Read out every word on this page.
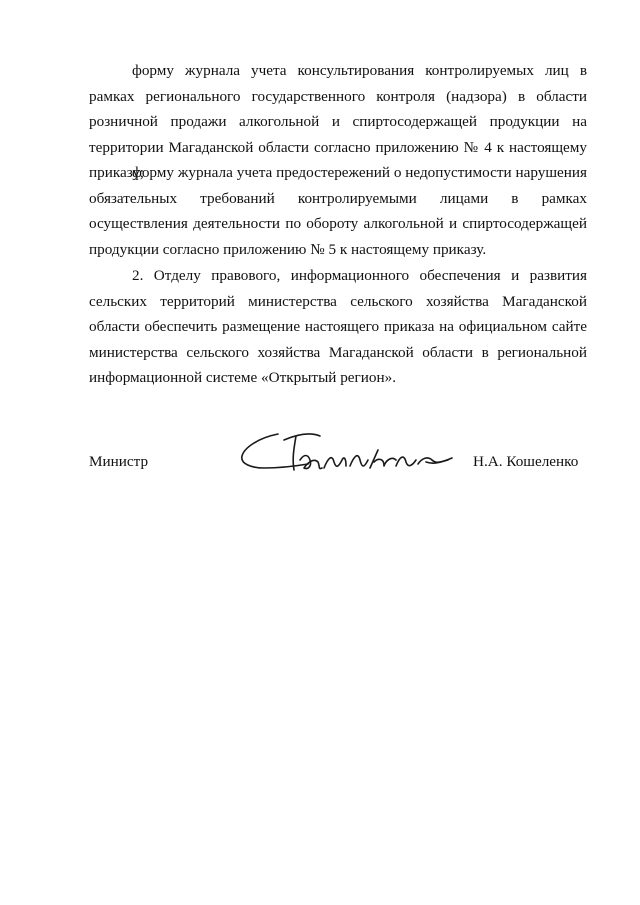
форму журнала учета консультирования контролируемых лиц в рамках регионального государственного контроля (надзора) в области розничной продажи алкогольной и спиртосодержащей продукции на территории Магаданской области согласно приложению № 4 к настоящему приказу;

форму журнала учета предостережений о недопустимости нарушения обязательных требований контролируемыми лицами в рамках осуществления деятельности по обороту алкогольной и спиртосодержащей продукции согласно приложению № 5 к настоящему приказу.

2. Отделу правового, информационного обеспечения и развития сельских территорий министерства сельского хозяйства Магаданской области обеспечить размещение настоящего приказа на официальном сайте министерства сельского хозяйства Магаданской области в региональной информационной системе «Открытый регион».

Министр	Н.А. Кошеленко
